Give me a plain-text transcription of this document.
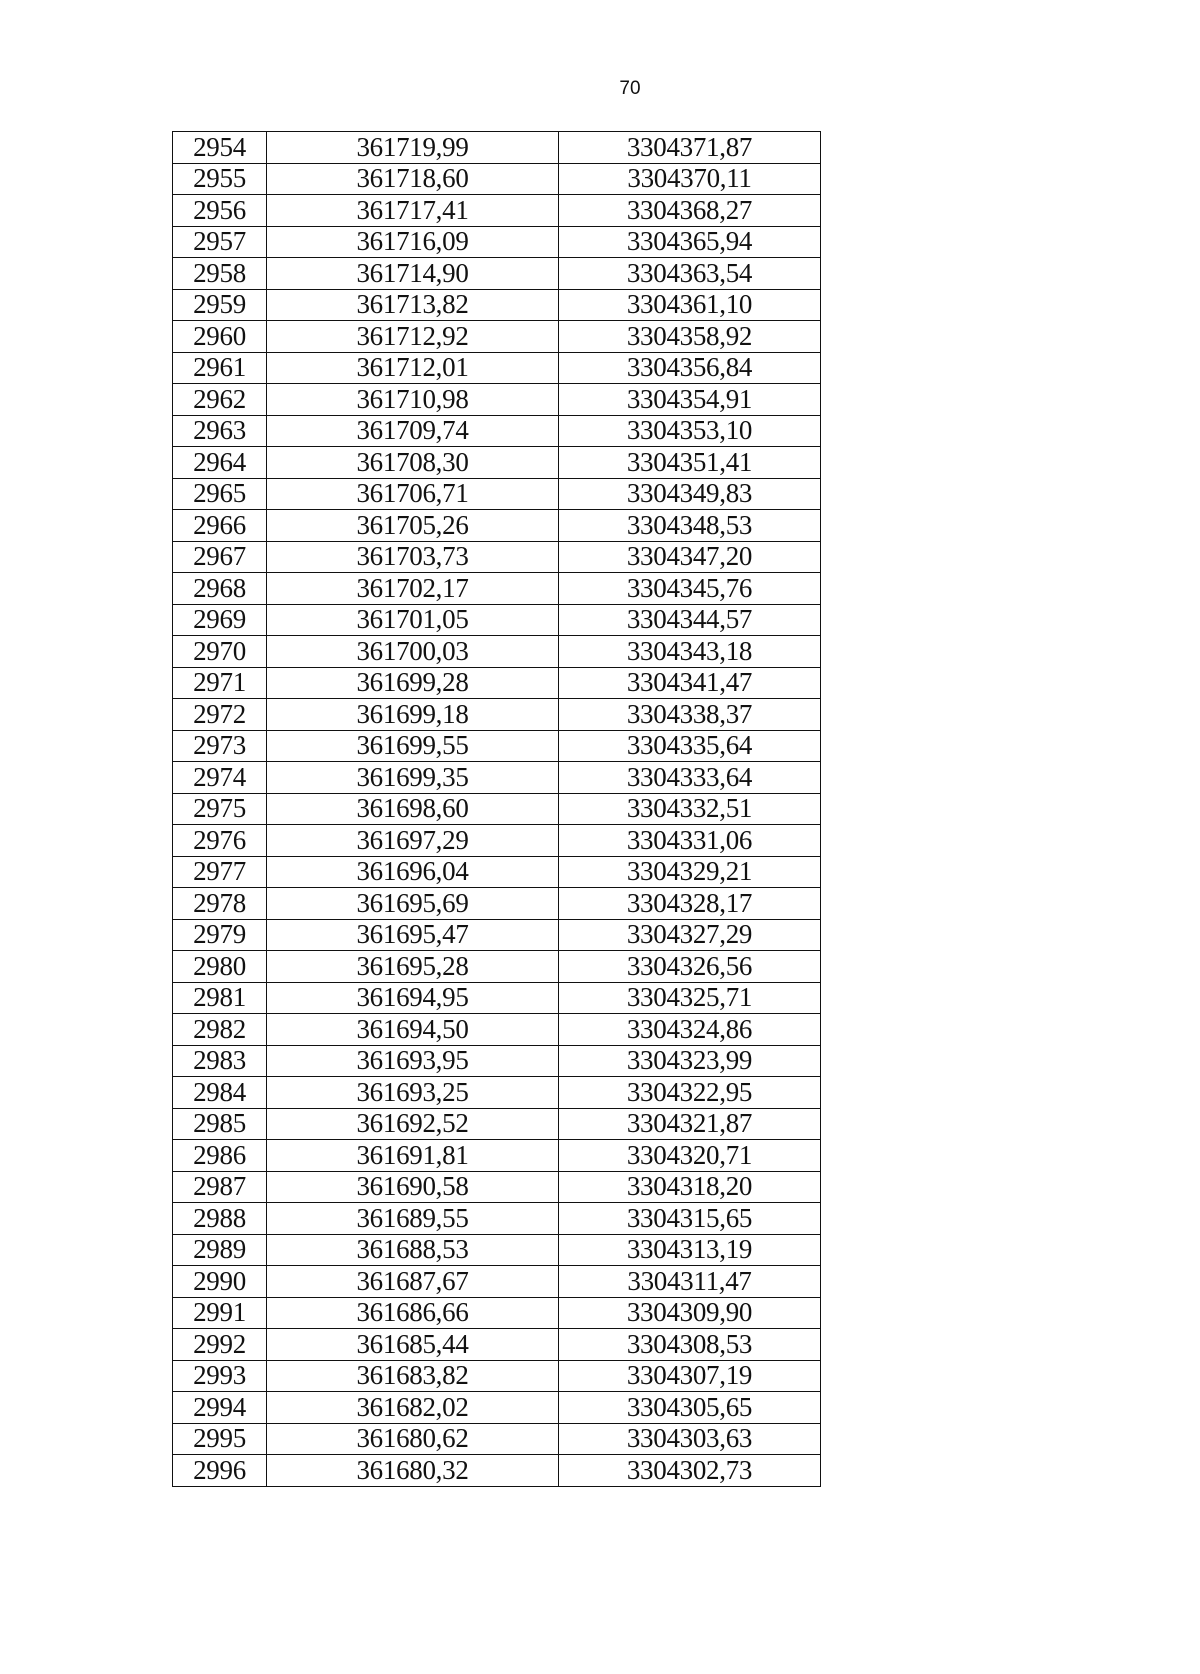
70
2954	361719,99	3304371,87
2955	361718,60	3304370,11
2956	361717,41	3304368,27
2957	361716,09	3304365,94
2958	361714,90	3304363,54
2959	361713,82	3304361,10
2960	361712,92	3304358,92
2961	361712,01	3304356,84
2962	361710,98	3304354,91
2963	361709,74	3304353,10
2964	361708,30	3304351,41
2965	361706,71	3304349,83
2966	361705,26	3304348,53
2967	361703,73	3304347,20
2968	361702,17	3304345,76
2969	361701,05	3304344,57
2970	361700,03	3304343,18
2971	361699,28	3304341,47
2972	361699,18	3304338,37
2973	361699,55	3304335,64
2974	361699,35	3304333,64
2975	361698,60	3304332,51
2976	361697,29	3304331,06
2977	361696,04	3304329,21
2978	361695,69	3304328,17
2979	361695,47	3304327,29
2980	361695,28	3304326,56
2981	361694,95	3304325,71
2982	361694,50	3304324,86
2983	361693,95	3304323,99
2984	361693,25	3304322,95
2985	361692,52	3304321,87
2986	361691,81	3304320,71
2987	361690,58	3304318,20
2988	361689,55	3304315,65
2989	361688,53	3304313,19
2990	361687,67	3304311,47
2991	361686,66	3304309,90
2992	361685,44	3304308,53
2993	361683,82	3304307,19
2994	361682,02	3304305,65
2995	361680,62	3304303,63
2996	361680,32	3304302,73
